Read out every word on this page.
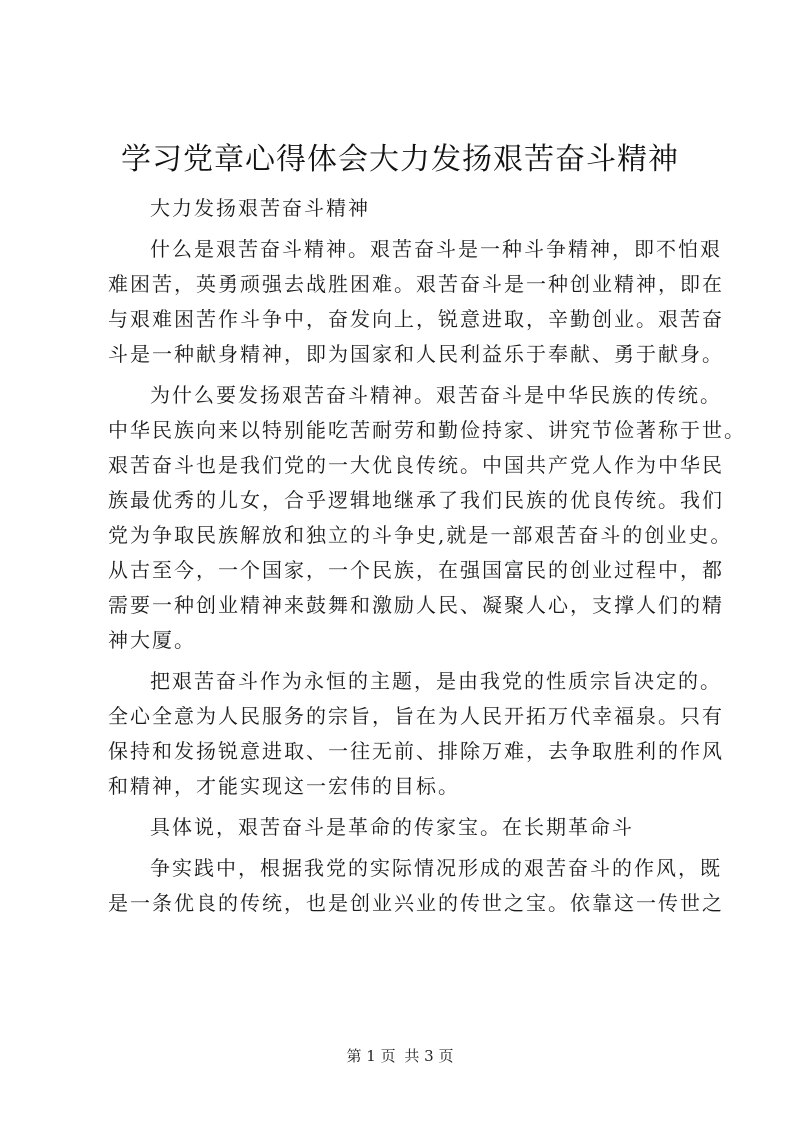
学习党章心得体会大力发扬艰苦奋斗精神
大力发扬艰苦奋斗精神
什么是艰苦奋斗精神。艰苦奋斗是一种斗争精神，即不怕艰
难困苦，英勇顽强去战胜困难。艰苦奋斗是一种创业精神，即在
与艰难困苦作斗争中，奋发向上，锐意进取，辛勤创业。艰苦奋
斗是一种献身精神，即为国家和人民利益乐于奉献、勇于献身。
为什么要发扬艰苦奋斗精神。艰苦奋斗是中华民族的传统。
中华民族向来以特别能吃苦耐劳和勤俭持家、讲究节俭著称于世。
艰苦奋斗也是我们党的一大优良传统。中国共产党人作为中华民
族最优秀的儿女，合乎逻辑地继承了我们民族的优良传统。我们
党为争取民族解放和独立的斗争史,就是一部艰苦奋斗的创业史。
从古至今，一个国家，一个民族，在强国富民的创业过程中，都
需要一种创业精神来鼓舞和激励人民、凝聚人心，支撑人们的精
神大厦。
把艰苦奋斗作为永恒的主题，是由我党的性质宗旨决定的。
全心全意为人民服务的宗旨，旨在为人民开拓万代幸福泉。只有
保持和发扬锐意进取、一往无前、排除万难，去争取胜利的作风
和精神，才能实现这一宏伟的目标。
具体说，艰苦奋斗是革命的传家宝。在长期革命斗
争实践中，根据我党的实际情况形成的艰苦奋斗的作风，既
是一条优良的传统，也是创业兴业的传世之宝。依靠这一传世之
第 1 页 共 3 页
